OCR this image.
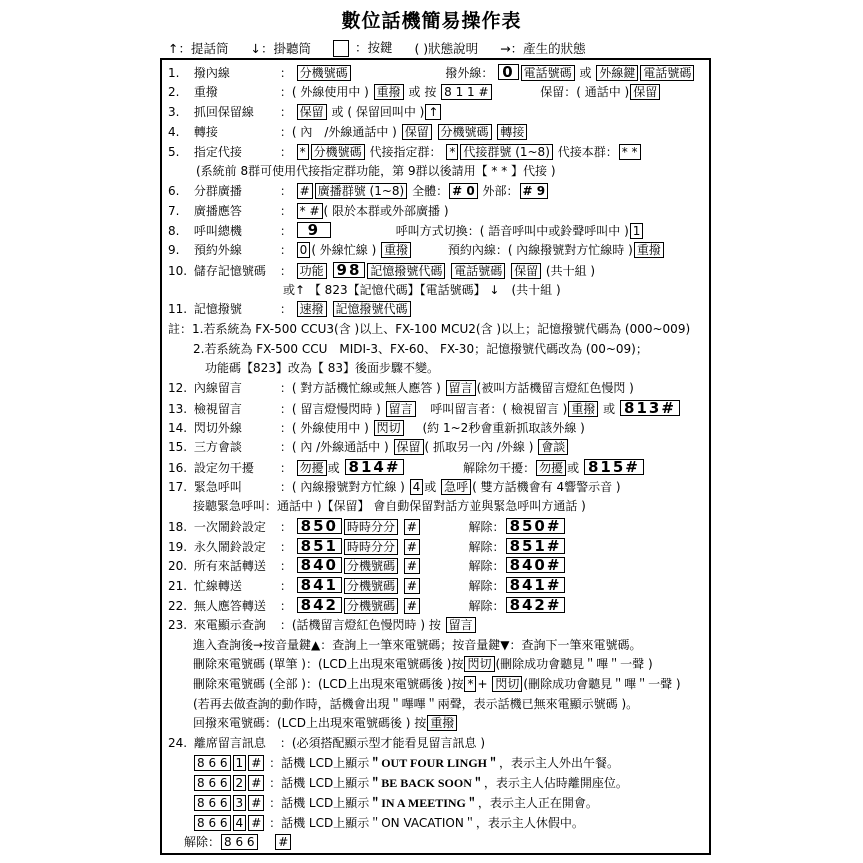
數位話機簡易操作表
↑：提話筒 ↓：掛聽筒	：按鍵 ( )狀態說明 →：產生的狀態
1. 撥內線	： 分機號碼	撥外線： 0 電話號碼 或 外線鍵 電話號碼
2. 重撥	：( 外線使用中 ) 重撥 或 按 8 1 1 #	保留：( 通話中 ) 保留
3. 抓回保留線 ： 保留 或 ( 保留回叫中 ) ↑
4. 轉接	：( 內　/外線通話中 ) 保留 分機號碼 轉接
5. 指定代接	： * 分機號碼 代接指定群： * 代接群號 (1~8) 代接本群： * *
(系統前 8群可使用代接指定群功能，第 9群以後請用【 * * 】代接 )
6. 分群廣播	： # 廣播群號 (1~8) 全體： # 0 外部： # 9
7. 廣播應答	： * # ( 限於本群或外部廣播 )
8. 呼叫總機	： 9	呼叫方式切換：( 語音呼叫中或鈴聲呼叫中 ) 1
9. 預約外線	： 0 ( 外線忙線 ) 重撥	預約內線：( 內線撥號對方忙線時 ) 重撥
10. 儲存記憶號碼 ： 功能 98 記憶撥號代碼 電話號碼 保留 (共十組 )
或↑ 【 823【記憶代碼】【電話號碼】 ↓　(共十組 )
11. 記憶撥號	： 速撥 記憶撥號代碼
註：1.若系統為 FX-500 CCU3(含 )以上、FX-100 MCU2(含 )以上；記憶撥號代碼為 (000~009)
2.若系統為 FX-500 CCU　MIDI-3、FX-60、 FX-30；記憶撥號代碼改為 (00~09)；
功能碼【823】改為【 83】後面步驟不變。
12. 內線留言	：( 對方話機忙線或無人應答 ) 留言 (被叫方話機留言燈紅色慢閃 )
13. 檢視留言	：( 留言燈慢閃時 ) 留言 呼叫留言者：( 檢視留言 ) 重撥 或 813#
14. 閃切外線	：( 外線使用中 ) 閃切 (約 1~2秒會重新抓取該外線 )
15. 三方會談	：( 內 /外線通話中 ) 保留 ( 抓取另一內 /外線 ) 會談
16. 設定勿干擾 ： 勿擾 或 814#	解除勿干擾： 勿擾 或 815#
17. 緊急呼叫	：( 內線撥號對方忙線 ) 4 或 急呼 ( 雙方話機會有 4響警示音 )
接聽緊急呼叫：通話中 )【保留】 會自動保留對話方並與緊急呼叫方通話 )
18. 一次鬧鈴設定 ： 850 時時分分 #	解除： 850#
19. 永久鬧鈴設定 ： 851 時時分分 #	解除： 851#
20. 所有來話轉送 ： 840 分機號碼 #	解除： 840#
21. 忙線轉送	： 841 分機號碼 #	解除： 841#
22. 無人應答轉送 ： 842 分機號碼 #	解除： 842#
23. 來電顯示查詢 ：(話機留言燈紅色慢閃時 ) 按 留言
進入查詢後→按音量鍵▲：查詢上一筆來電號碼；按音量鍵▼：查詢下一筆來電號碼。
刪除來電號碼 (單筆 )：(LCD上出現來電號碼後 )按 閃切 (刪除成功會聽見＂嗶＂一聲 )
刪除來電號碼 (全部 )：(LCD上出現來電號碼後 )按 * + 閃切 (刪除成功會聽見＂嗶＂一聲 )
(若再去做查詢的動作時，話機會出現＂嗶嗶＂兩聲，表示話機已無來電顯示號碼 )。
回撥來電號碼：(LCD上出現來電號碼後 ) 按 重撥
24. 離席留言訊息 ：(必須搭配顯示型才能看見留言訊息 )
8 6 6 1 # ：話機 LCD上顯示＂OUT FOUR LINGH＂，表示主人外出午餐。
8 6 6 2 # ：話機 LCD上顯示＂BE BACK SOON＂，表示主人佔時離開座位。
8 6 6 3 # ：話機 LCD上顯示＂IN A MEETING＂，表示主人正在開會。
8 6 6 4 # ：話機 LCD上顯示＂ON VACATION＂，表示主人休假中。
解除： 8 6 6 #
